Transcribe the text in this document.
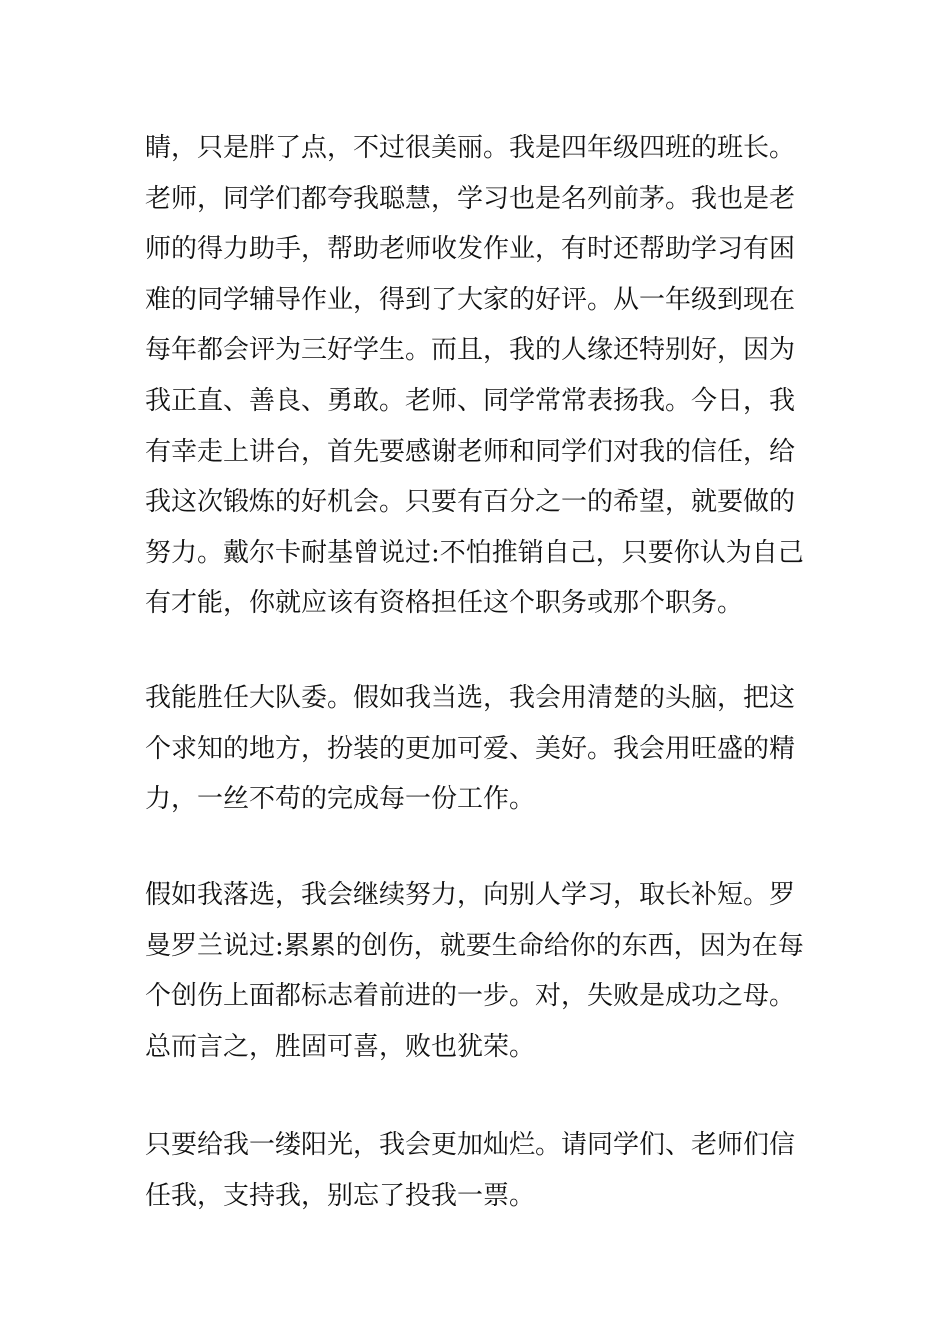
睛，只是胖了点，不过很美丽。我是四年级四班的班长。
老师，同学们都夸我聪慧，学习也是名列前茅。我也是老
师的得力助手，帮助老师收发作业，有时还帮助学习有困
难的同学辅导作业，得到了大家的好评。从一年级到现在
每年都会评为三好学生。而且，我的人缘还特别好，因为
我正直、善良、勇敢。老师、同学常常表扬我。今日，我
有幸走上讲台，首先要感谢老师和同学们对我的信任，给
我这次锻炼的好机会。只要有百分之一的希望，就要做的
努力。戴尔卡耐基曾说过:不怕推销自己，只要你认为自己
有才能，你就应该有资格担任这个职务或那个职务。
我能胜任大队委。假如我当选，我会用清楚的头脑，把这
个求知的地方，扮装的更加可爱、美好。我会用旺盛的精
力，一丝不苟的完成每一份工作。
假如我落选，我会继续努力，向别人学习，取长补短。罗
曼罗兰说过:累累的创伤，就要生命给你的东西，因为在每
个创伤上面都标志着前进的一步。对，失败是成功之母。
总而言之，胜固可喜，败也犹荣。
只要给我一缕阳光，我会更加灿烂。请同学们、老师们信
任我，支持我，别忘了投我一票。
